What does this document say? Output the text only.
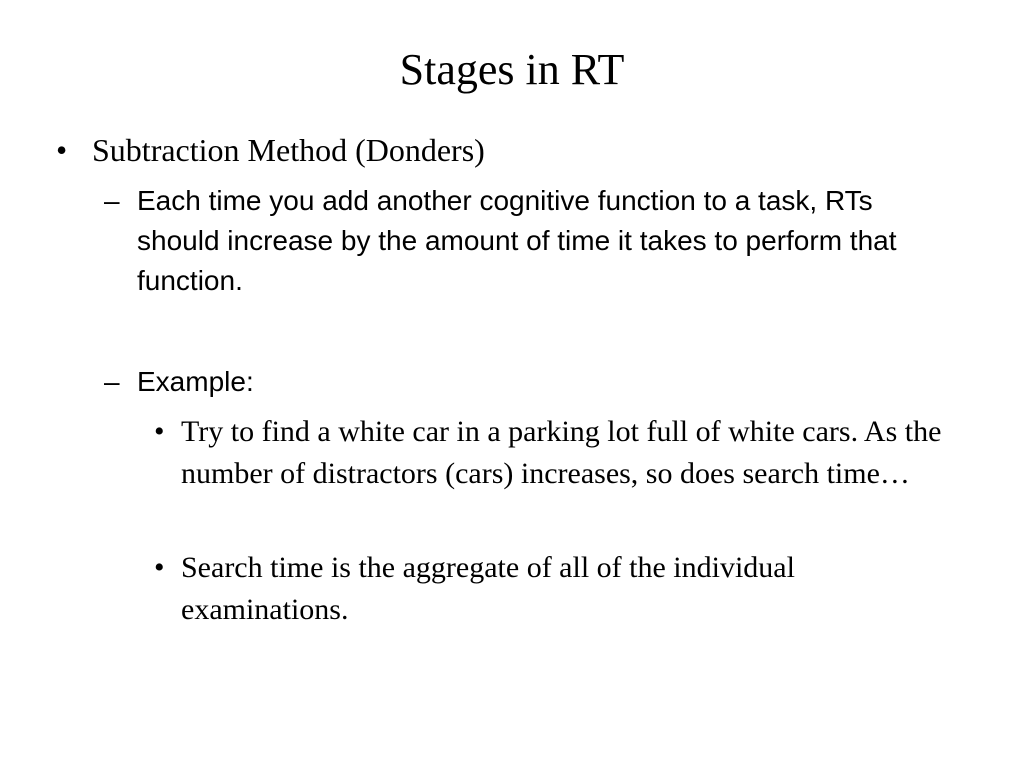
Stages in RT
• Subtraction Method (Donders)
– Each time you add another cognitive function to a task, RTs should increase by the amount of time it takes to perform that function.
– Example:
• Try to find a white car in a parking lot full of white cars. As the number of distractors (cars) increases, so does search time…
• Search time is the aggregate of all of the individual examinations.
